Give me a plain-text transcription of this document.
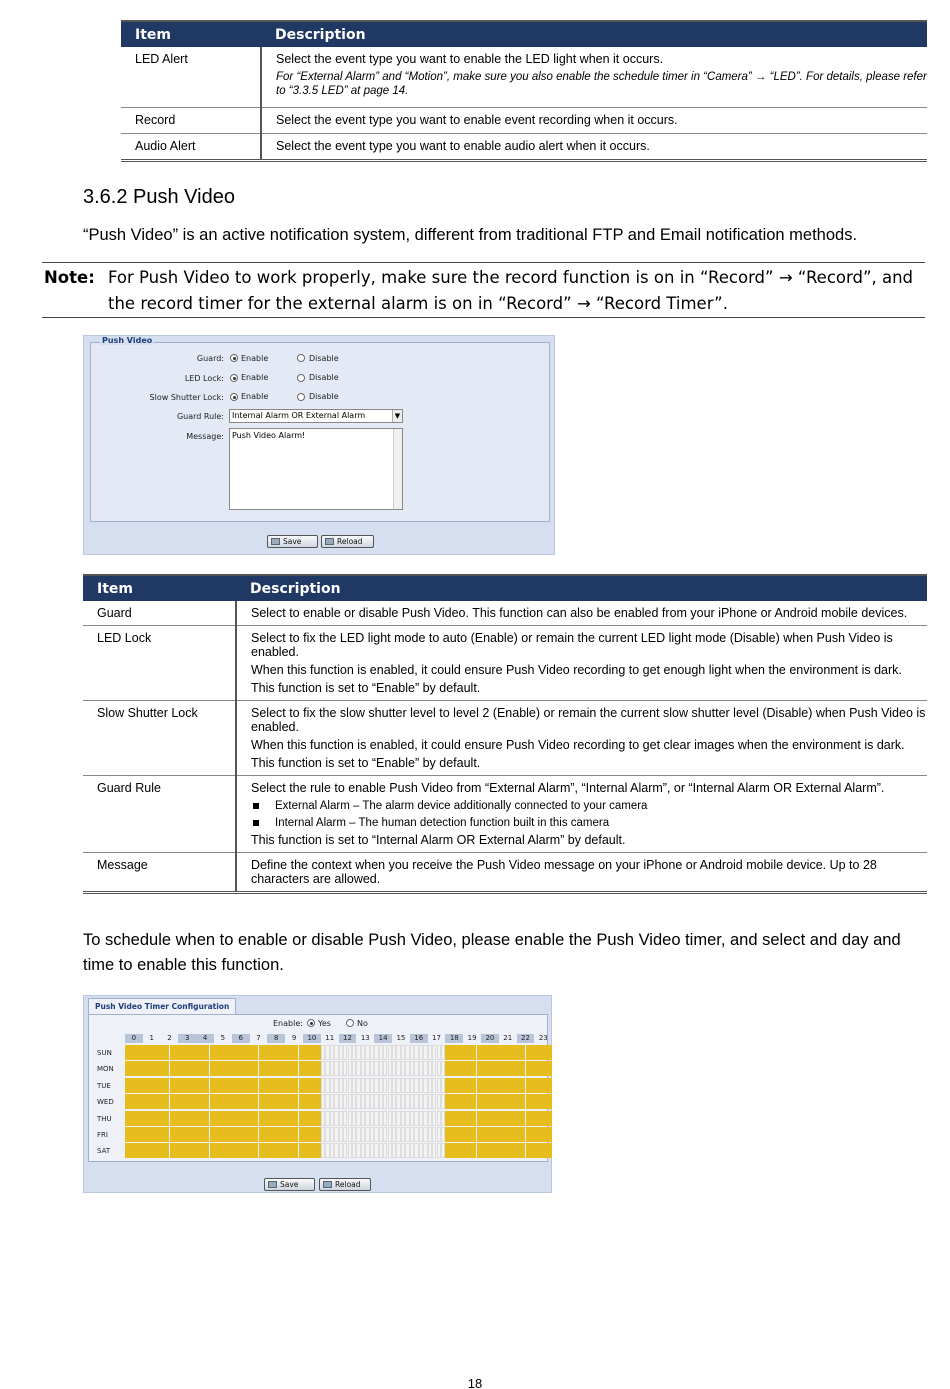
Item	Description
LED Alert	Select the event type you want to enable the LED light when it occurs.

For “External Alarm” and “Motion”, make sure you also enable the schedule timer in “Camera” → “LED”. For details, please refer to “3.3.5 LED” at page 14.

Record	Select the event type you want to enable event recording when it occurs.
Audio Alert	Select the event type you want to enable audio alert when it occurs.
3.6.2 Push Video

“Push Video” is an active notification system, different from traditional FTP and Email notification methods.

Note: For Push Video to work properly, make sure the record function is on in “Record” → “Record”, and the record timer for the external alarm is on in “Record” → “Record Timer”.
Push Video
Guard: Enable	Disable
LED Lock: Enable	Disable
Slow Shutter Lock: Enable	Disable
Guard Rule:	Internal Alarm OR External Alarm	▼
Message:	Push Video Alarm!
Save	Reload
Item	Description
Guard	Select to enable or disable Push Video. This function can also be enabled from your iPhone or Android mobile devices.

LED Lock	Select to fix the LED light mode to auto (Enable) or remain the current LED light mode (Disable) when Push Video is enabled.

When this function is enabled, it could ensure Push Video recording to get enough light when the environment is dark.

This function is set to “Enable” by default.

Slow Shutter Lock	Select to fix the slow shutter level to level 2 (Enable) or remain the current slow shutter level (Disable) when Push Video is enabled.

When this function is enabled, it could ensure Push Video recording to get clear images when the environment is dark.

This function is set to “Enable” by default.

Guard Rule	Select the rule to enable Push Video from “External Alarm”, “Internal Alarm”, or “Internal Alarm OR External Alarm”.

External Alarm – The alarm device additionally connected to your camera

Internal Alarm – The human detection function built in this camera

This function is set to “Internal Alarm OR External Alarm” by default.

Message	Define the context when you receive the Push Video message on your iPhone or Android mobile device. Up to 28 characters are allowed.

To schedule when to enable or disable Push Video, please enable the Push Video timer, and select and day and time to enable this function.

Push Video Timer Configuration
Enable: Yes	No
0	1	2	3	4	5	6	7	8	9	10	11	12	13	14	15	16	17	18	19	20	21	22	23
SUN
MON
TUE
WED
THU
FRI
SAT
Save	Reload
18
